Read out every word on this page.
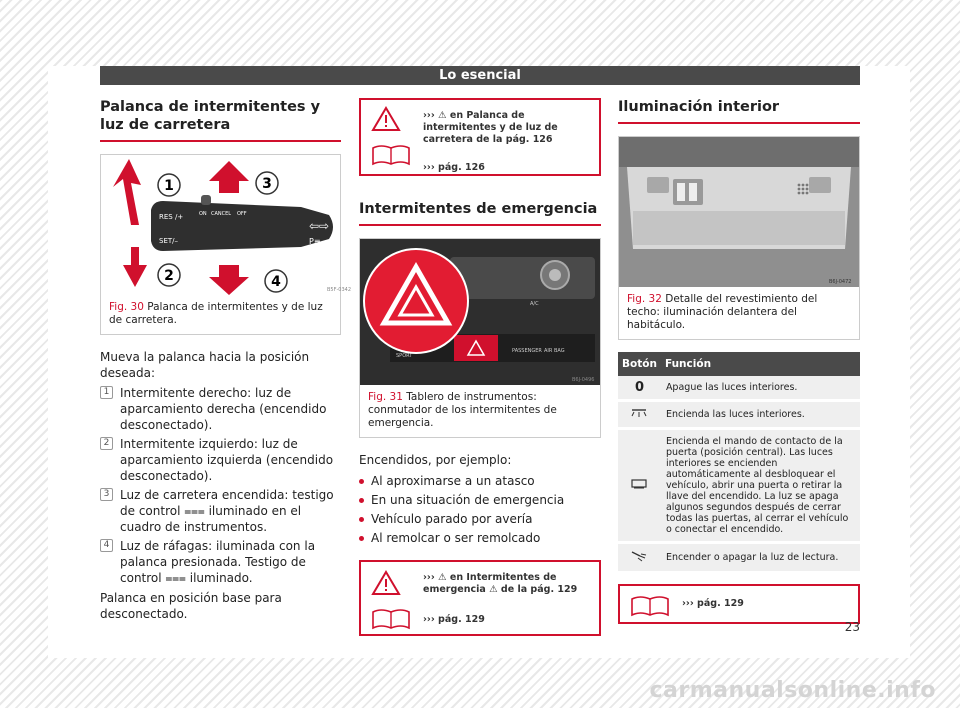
Lo esencial
Palanca de intermitentes y luz de carretera
1
2
3
4
RES /+
SET/–
ON CANCEL OFF
⇦⇨
P≡
B5F-0342
Fig. 30 Palanca de intermitentes y de luz de carretera.

Mueva la palanca hacia la posición deseada:

1 Intermitente derecho: luz de aparcamiento derecha (encendido desconectado).
2 Intermitente izquierdo: luz de aparcamiento izquierda (encendido desconectado).
3 Luz de carretera encendida: testigo de control ⩶ iluminado en el cuadro de instrumentos.
4 Luz de ráfagas: iluminada con la palanca presionada. Testigo de control ⩶ iluminado.

Palanca en posición base para desconectado.

››› ⚠ en Palanca de intermitentes y de luz de carretera de la pág. 126
››› pág. 126
Intermitentes de emergencia
A/C
SPORT
PASSENGER AIR BAG
B6J-0496
Fig. 31 Tablero de instrumentos: conmutador de los intermitentes de emergencia.

Encendidos, por ejemplo:

Al aproximarse a un atasco
En una situación de emergencia
Vehículo parado por avería
Al remolcar o ser remolcado
››› ⚠ en Intermitentes de emergencia ⚠ de la pág. 129
››› pág. 129
Iluminación interior
B6J-0472
Fig. 32 Detalle del revestimiento del techo: iluminación delantera del habitáculo.
Botón	Función
0	Apague las luces interiores.
	Encienda las luces interiores.
	Encienda el mando de contacto de la puerta (posición central). Las luces interiores se encienden automáticamente al desbloquear el vehículo, abrir una puerta o retirar la llave del encendido. La luz se apaga algunos segundos después de cerrar todas las puertas, al cerrar el vehículo o conectar el encendido.
	Encender o apagar la luz de lectura.
››› pág. 129
23
carmanualsonline.info
